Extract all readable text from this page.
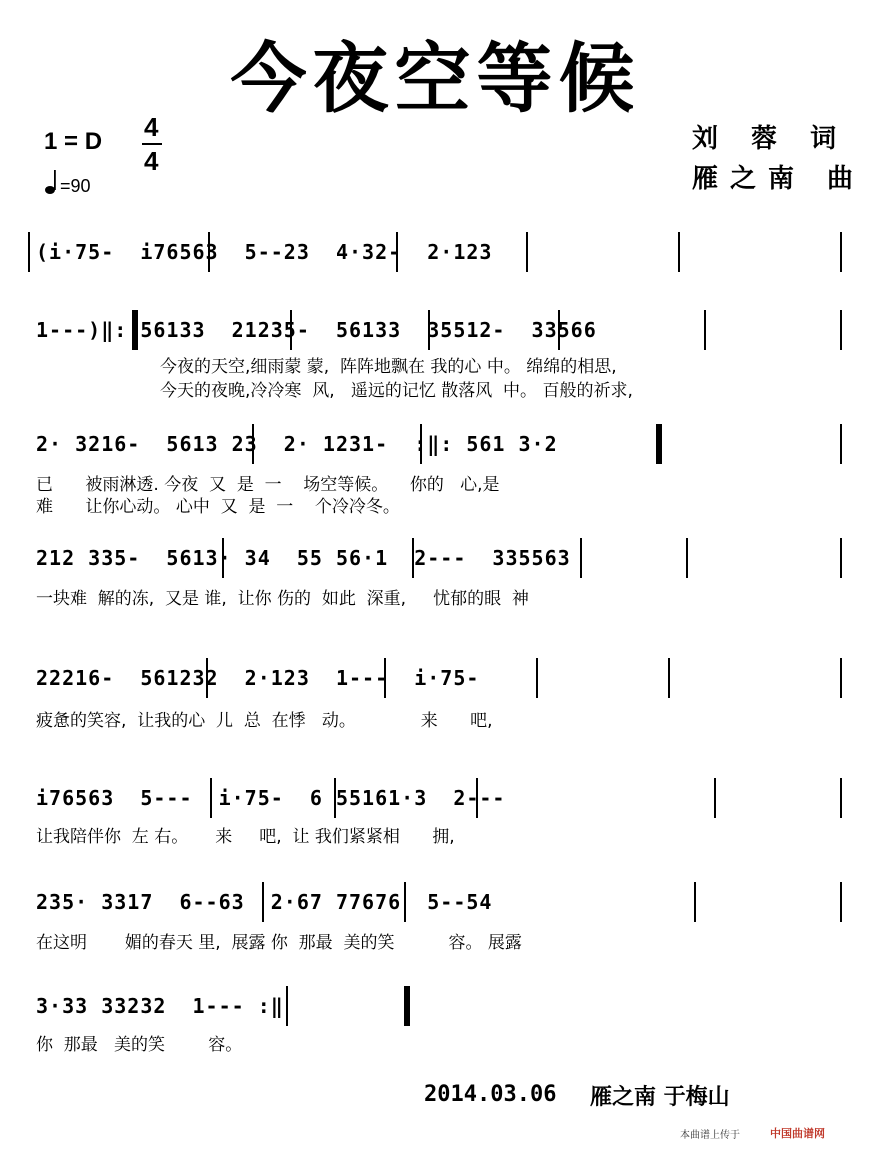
今夜空等候
1 = D 4
4
=90
刘 蓉 词
雁之南 曲
(i·75-  i76563  5--23  4·32-  2·123
1---)‖: 56133  21235-  56133  35512-  33566
今夜的天空,细雨蒙 蒙,  阵阵地飘在 我的心 中。 绵绵的相思,
今天的夜晚,冷冷寒  风,   遥远的记忆 散落风  中。 百般的祈求,
2· 3216-  5613 23  2· 1231-  :‖: 561 3·2
已      被雨淋透. 今夜  又  是  一    场空等候。    你的   心,是
难      让你心动。 心中  又  是  一    个冷冷冬。
212 335-  5613· 34  55 56·1  2---  335563
一块难  解的冻,  又是 谁,  让你 伤的  如此  深重,     忧郁的眼  神
22216-  561232  2·123  1---  i·75-
疲惫的笑容,  让我的心  儿  总  在悸   动。            来      吧,
i76563  5---  i·75-  6 55161·3  2---
让我陪伴你  左 右。     来     吧,  让 我们紧紧相      拥,
235· 3317  6--63  2·67 77676  5--54
在这明       媚的春天 里,  展露 你  那最  美的笑          容。 展露
3·33 33232  1--- :‖
你  那最   美的笑        容。
2014.03.06 雁之南 于梅山
本曲谱上传于	中国曲谱网
